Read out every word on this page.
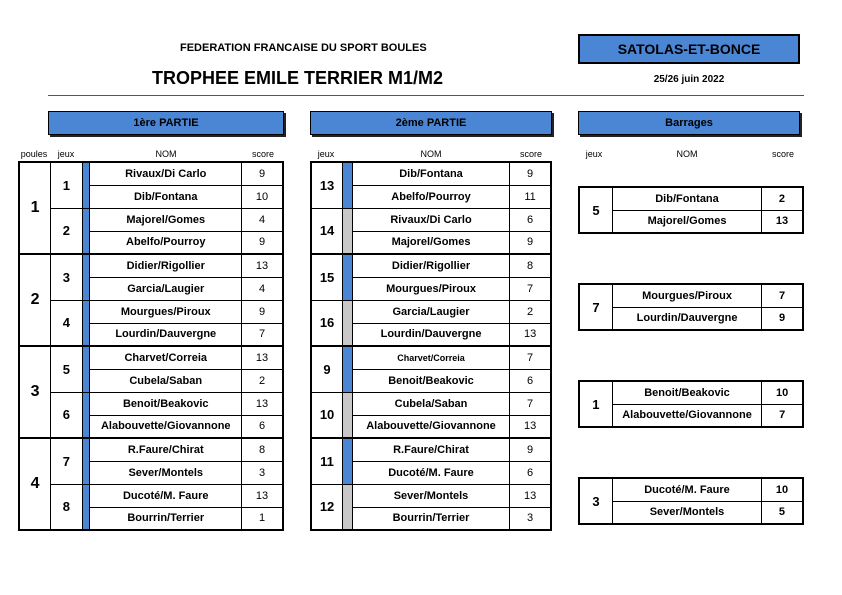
FEDERATION FRANCAISE DU SPORT BOULES
TROPHEE EMILE TERRIER M1/M2
SATOLAS-ET-BONCE
25/26 juin 2022
1ère PARTIE	2ème PARTIE	Barrages
poules	jeux	NOM	score	jeux	NOM	score	jeux	NOM	score
1	1		Rivaux/Di Carlo	9
			Dib/Fontana	10
	2		Majorel/Gomes	4
			Abelfo/Pourroy	9
2	3		Didier/Rigollier	13
			Garcia/Laugier	4
	4		Mourgues/Piroux	9
			Lourdin/Dauvergne	7
3	5		Charvet/Correia	13
			Cubela/Saban	2
	6		Benoit/Beakovic	13
			Alabouvette/Giovannone	6
4	7		R.Faure/Chirat	8
			Sever/Montels	3
	8		Ducoté/M. Faure	13
			Bourrin/Terrier	1
13		Dib/Fontana	9
		Abelfo/Pourroy	11
14		Rivaux/Di Carlo	6
		Majorel/Gomes	9
15		Didier/Rigollier	8
		Mourgues/Piroux	7
16		Garcia/Laugier	2
		Lourdin/Dauvergne	13
9		Charvet/Correia	7
		Benoit/Beakovic	6
10		Cubela/Saban	7
		Alabouvette/Giovannone	13
11		R.Faure/Chirat	9
		Ducoté/M. Faure	6
12		Sever/Montels	13
		Bourrin/Terrier	3
5	Dib/Fontana	2
	Majorel/Gomes	13
7	Mourgues/Piroux	7
	Lourdin/Dauvergne	9
1	Benoit/Beakovic	10
	Alabouvette/Giovannone	7
3	Ducoté/M. Faure	10
	Sever/Montels	5
